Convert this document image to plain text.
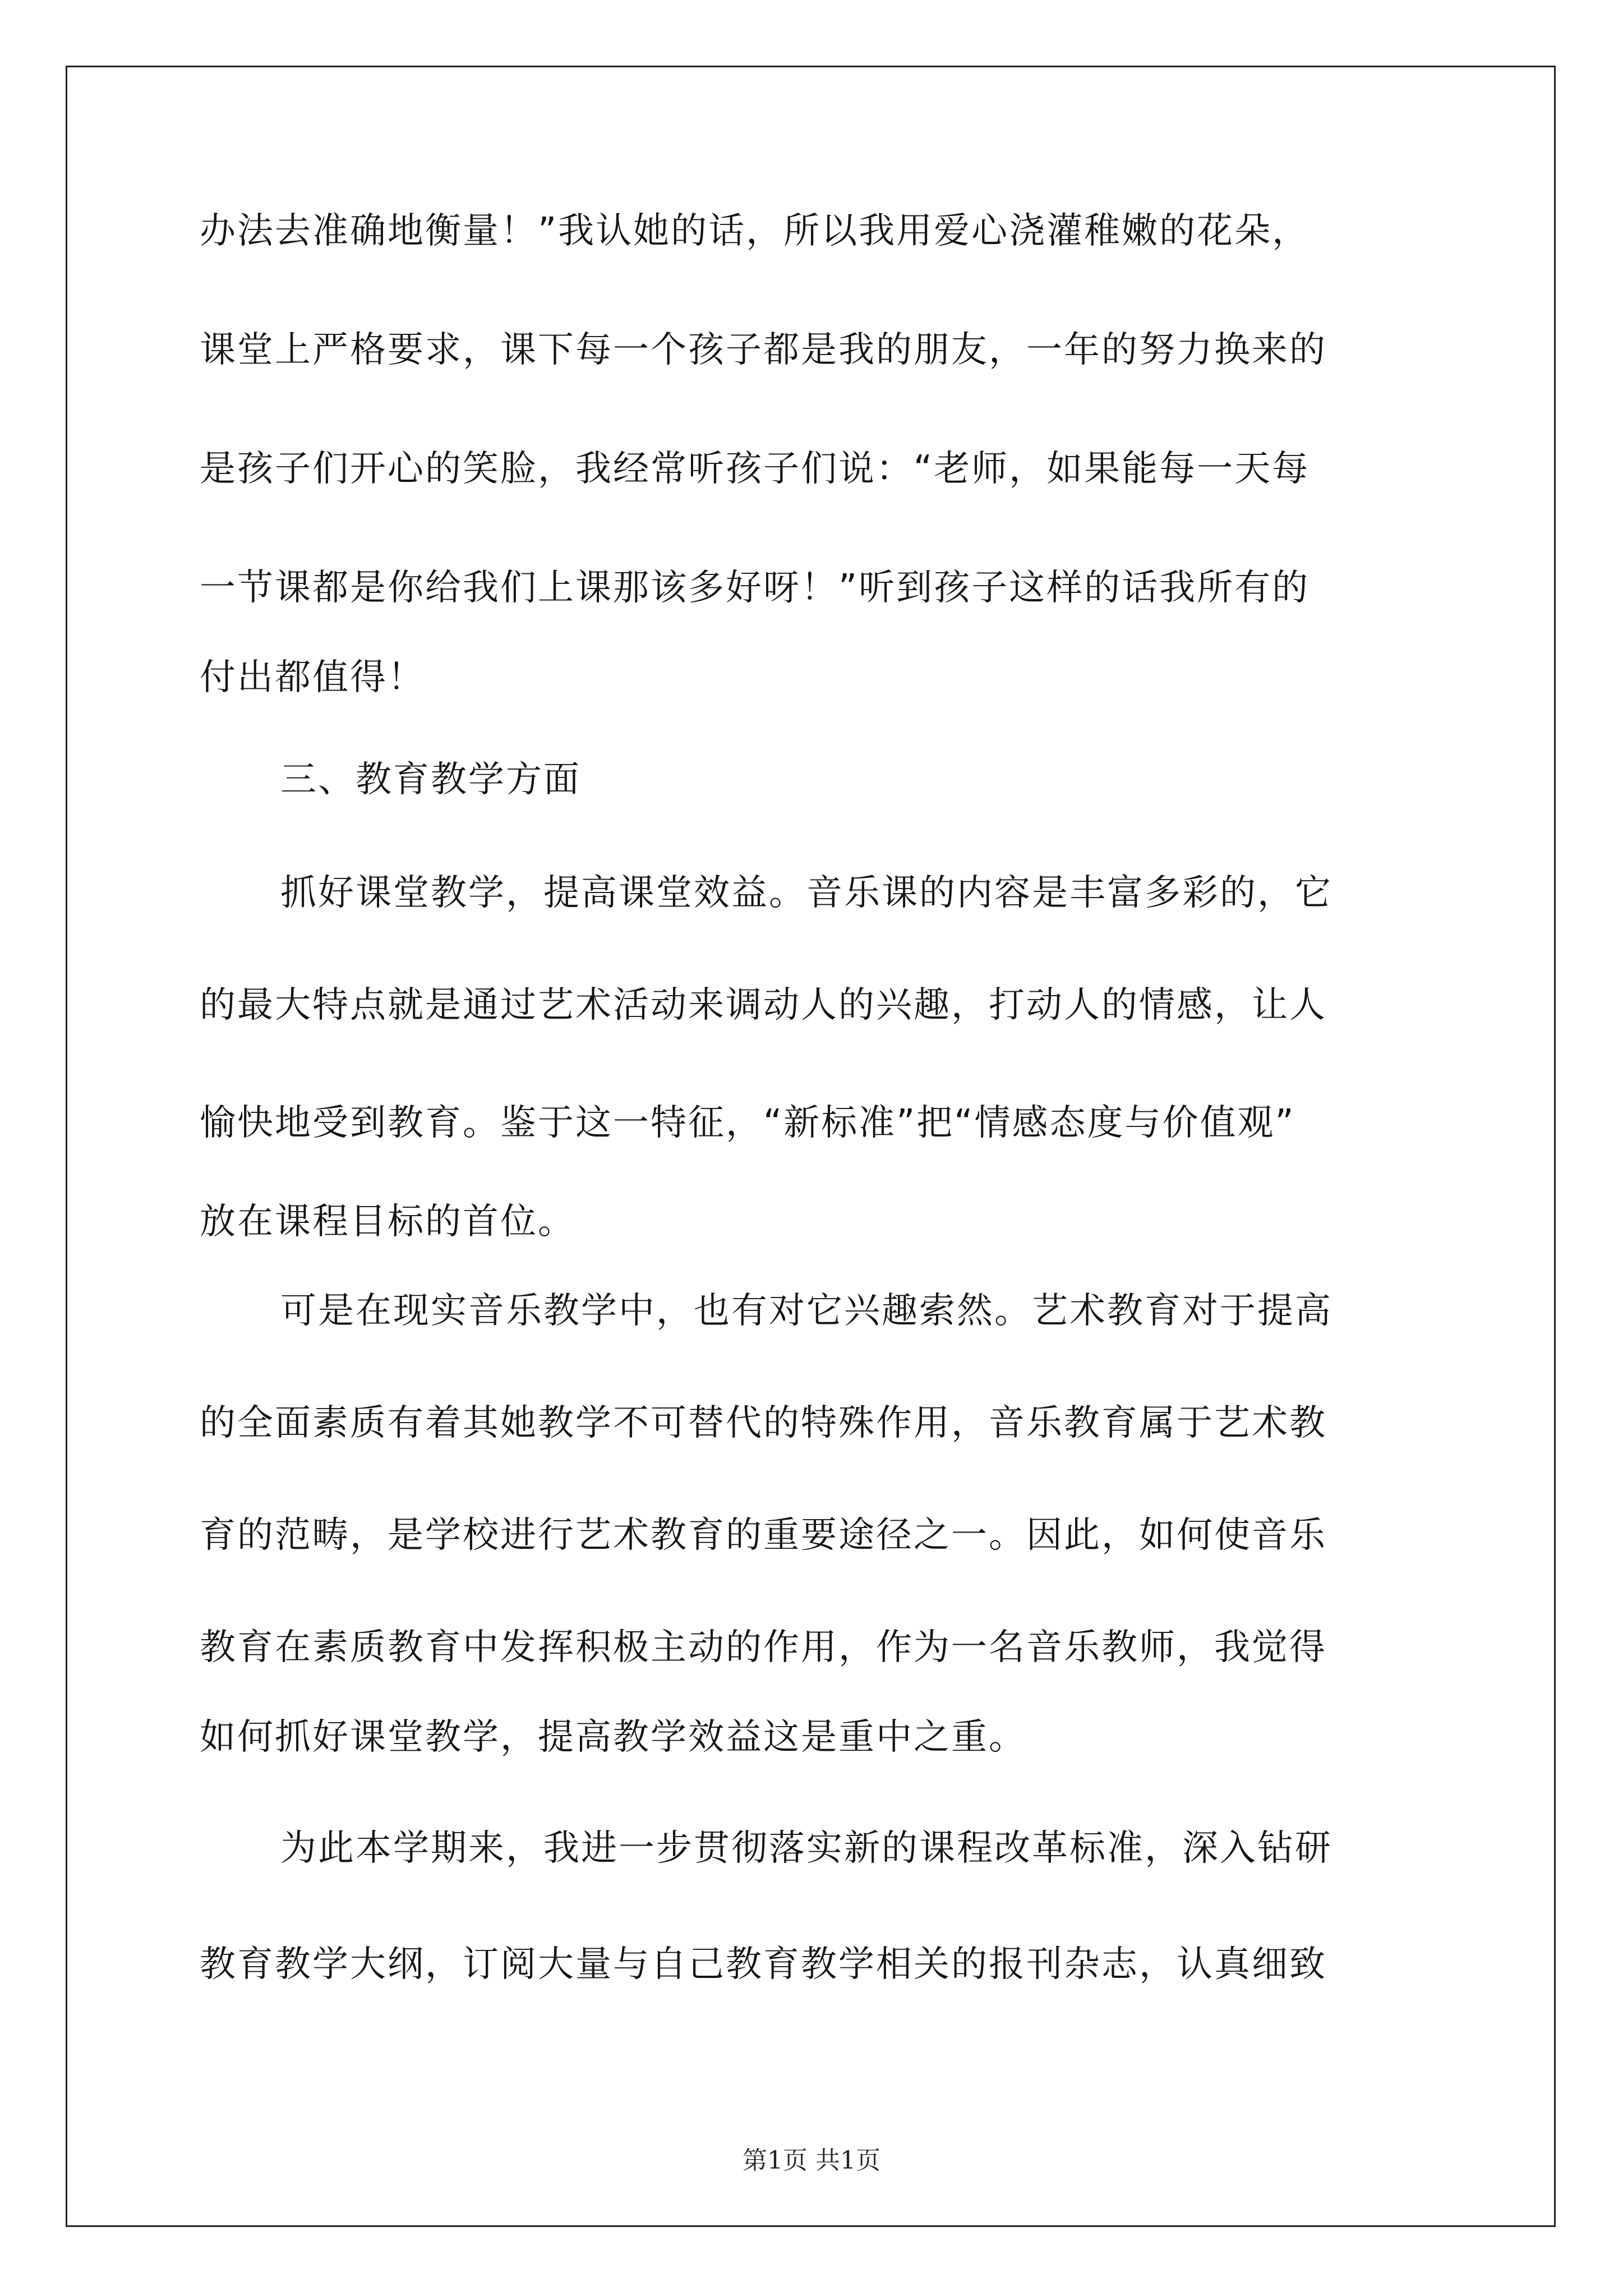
办法去准确地衡量！”我认她的话，所以我用爱心浇灌稚嫩的花朵，
课堂上严格要求，课下每一个孩子都是我的朋友，一年的努力换来的
是孩子们开心的笑脸，我经常听孩子们说：“老师，如果能每一天每
一节课都是你给我们上课那该多好呀！”听到孩子这样的话我所有的
付出都值得！
三、教育教学方面
抓好课堂教学，提高课堂效益。音乐课的内容是丰富多彩的，它
的最大特点就是通过艺术活动来调动人的兴趣，打动人的情感，让人
愉快地受到教育。鉴于这一特征，“新标准”把“情感态度与价值观”
放在课程目标的首位。
可是在现实音乐教学中，也有对它兴趣索然。艺术教育对于提高
的全面素质有着其她教学不可替代的特殊作用，音乐教育属于艺术教
育的范畴，是学校进行艺术教育的重要途径之一。因此，如何使音乐
教育在素质教育中发挥积极主动的作用，作为一名音乐教师，我觉得
如何抓好课堂教学，提高教学效益这是重中之重。
为此本学期来，我进一步贯彻落实新的课程改革标准，深入钻研
教育教学大纲，订阅大量与自己教育教学相关的报刊杂志，认真细致
第1页 共1页
